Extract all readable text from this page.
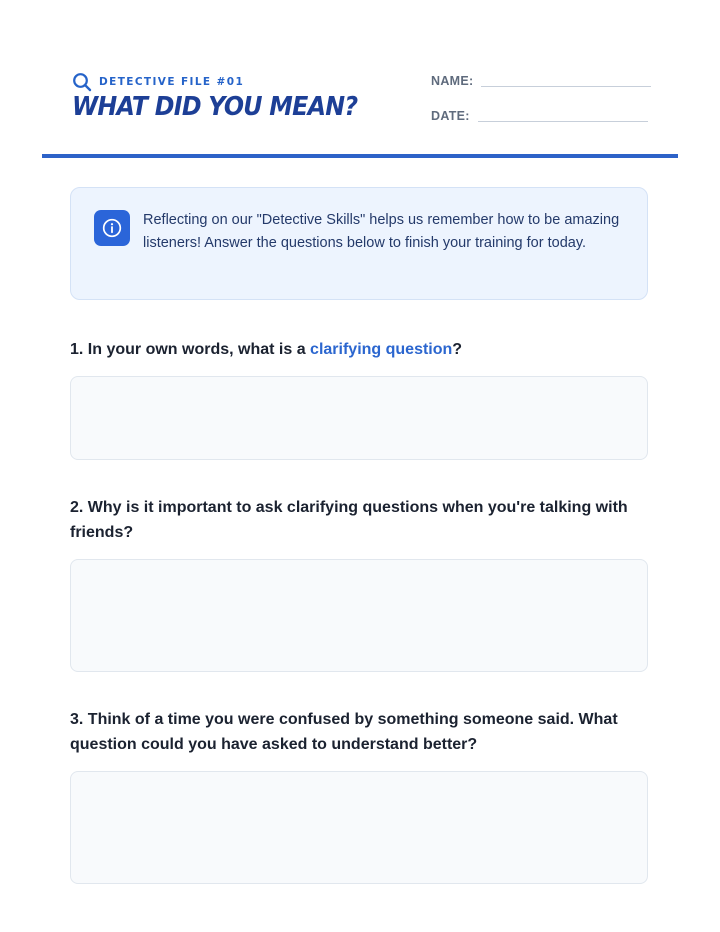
DETECTIVE FILE #01
WHAT DID YOU MEAN?
NAME:
DATE:
Reflecting on our "Detective Skills" helps us remember how to be amazing listeners! Answer the questions below to finish your training for today.
1. In your own words, what is a clarifying question?
2. Why is it important to ask clarifying questions when you're talking with friends?
3. Think of a time you were confused by something someone said. What question could you have asked to understand better?
